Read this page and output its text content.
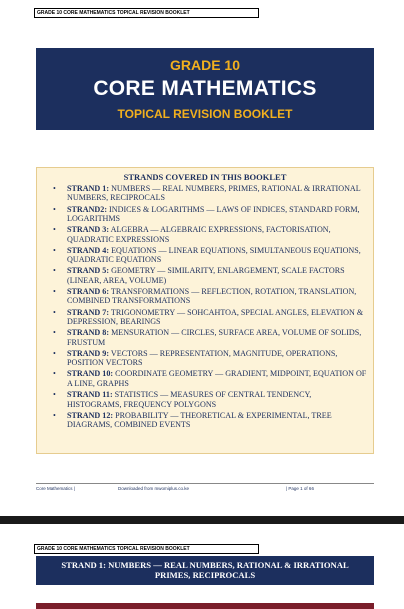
GRADE 10 CORE MATHEMATICS TOPICAL REVISION BOOKLET
GRADE 10
CORE MATHEMATICS
TOPICAL REVISION BOOKLET
STRANDS COVERED IN THIS BOOKLET
• STRAND 1: NUMBERS — REAL NUMBERS, PRIMES, RATIONAL & IRRATIONAL NUMBERS, RECIPROCALS
• STRAND2: INDICES & LOGARITHMS — LAWS OF INDICES, STANDARD FORM, LOGARITHMS
• STRAND 3: ALGEBRA — ALGEBRAIC EXPRESSIONS, FACTORISATION, QUADRATIC EXPRESSIONS
• STRAND 4: EQUATIONS — LINEAR EQUATIONS, SIMULTANEOUS EQUATIONS, QUADRATIC EQUATIONS
• STRAND 5: GEOMETRY — SIMILARITY, ENLARGEMENT, SCALE FACTORS (LINEAR, AREA, VOLUME)
• STRAND 6: TRANSFORMATIONS — REFLECTION, ROTATION, TRANSLATION, COMBINED TRANSFORMATIONS
• STRAND 7: TRIGONOMETRY — SOHCAHTOA, SPECIAL ANGLES, ELEVATION & DEPRESSION, BEARINGS
• STRAND 8: MENSURATION — CIRCLES, SURFACE AREA, VOLUME OF SOLIDS, FRUSTUM
• STRAND 9: VECTORS — REPRESENTATION, MAGNITUDE, OPERATIONS, POSITION VECTORS
• STRAND 10: COORDINATE GEOMETRY — GRADIENT, MIDPOINT, EQUATION OF A LINE, GRAPHS
• STRAND 11: STATISTICS — MEASURES OF CENTRAL TENDENCY, HISTOGRAMS, FREQUENCY POLYGONS
• STRAND 12: PROBABILITY — THEORETICAL & EXPERIMENTAL, TREE DIAGRAMS, COMBINED EVENTS
Core Mathematics |	Downloaded from mwomiplus.co.ke	| Page 1 of 66
GRADE 10 CORE MATHEMATICS TOPICAL REVISION BOOKLET
STRAND 1: NUMBERS — REAL NUMBERS, RATIONAL & IRRATIONAL
PRIMES, RECIPROCALS
